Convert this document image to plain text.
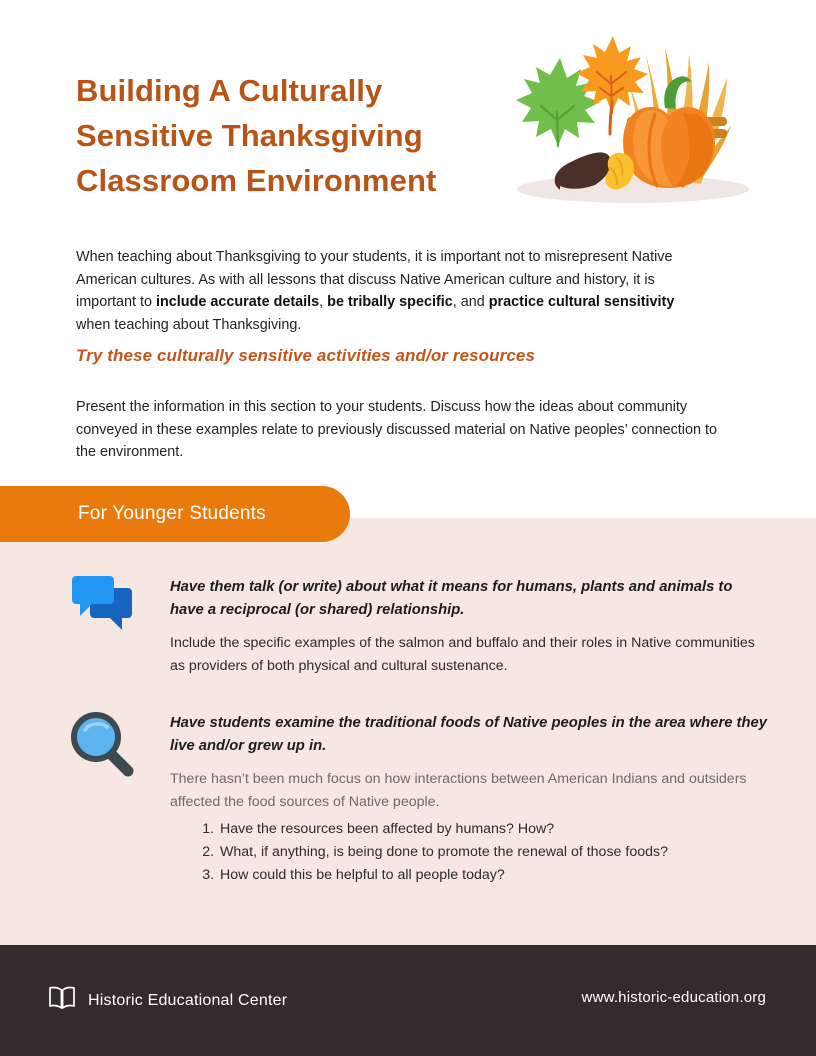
Building A Culturally
Sensitive Thanksgiving
Classroom Environment

When teaching about Thanksgiving to your students, it is important not to misrepresent Native American cultures. As with all lessons that discuss Native American culture and history, it is important to include accurate details, be tribally specific, and practice cultural sensitivity when teaching about Thanksgiving.

Try these culturally sensitive activities and/or resources

Present the information in this section to your students. Discuss how the ideas about community conveyed in these examples relate to previously discussed material on Native peoples’ connection to the environment.

For Younger Students
Have them talk (or write) about what it means for humans, plants and animals to have a reciprocal (or shared) relationship.
Include the specific examples of the salmon and buffalo and their roles in Native communities as providers of both physical and cultural sustenance.
Have students examine the traditional foods of Native peoples in the area where they live and/or grew up in.
There hasn’t been much focus on how interactions between American Indians and outsiders affected the food sources of Native people.
1. Have the resources been affected by humans? How?
2. What, if anything, is being done to promote the renewal of those foods?
3. How could this be helpful to all people today?
Historic Educational Center	www.historic-education.org
